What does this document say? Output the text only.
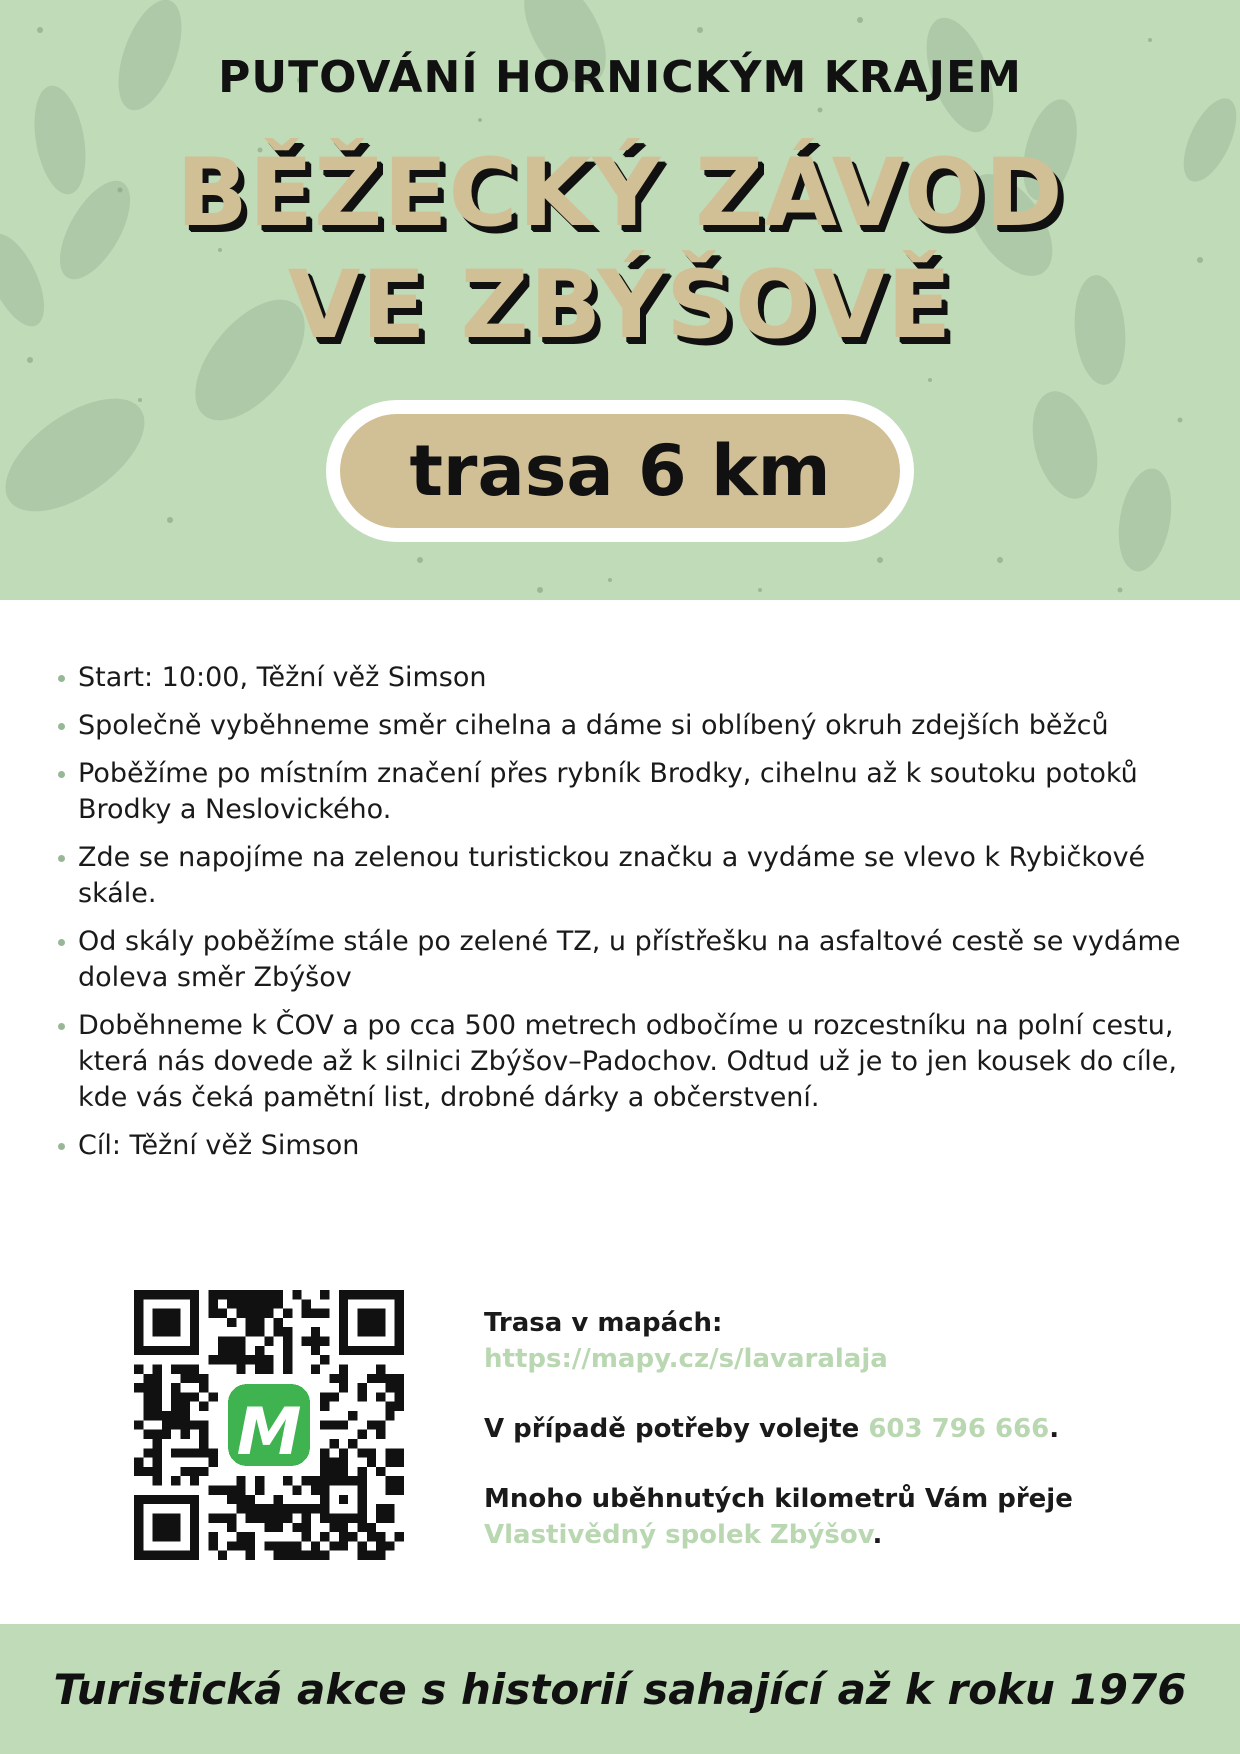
PUTOVÁNÍ HORNICKÝM KRAJEM
BĚŽECKÝ ZÁVOD
VE ZBÝŠOVĚ
trasa 6 km
Start: 10:00, Těžní věž Simson
Společně vyběhneme směr cihelna a dáme si oblíbený okruh zdejších běžců
Poběžíme po místním značení přes rybník Brodky, cihelnu až k soutoku potoků Brodky a Neslovického.
Zde se napojíme na zelenou turistickou značku a vydáme se vlevo k Rybičkové skále.
Od skály poběžíme stále po zelené TZ, u přístřešku na asfaltové cestě se vydáme doleva směr Zbýšov
Doběhneme k ČOV a po cca 500 metrech odbočíme u rozcestníku na polní cestu, která nás dovede až k silnici Zbýšov–Padochov. Odtud už je to jen kousek do cíle, kde vás čeká pamětní list, drobné dárky a občerstvení.
Cíl: Těžní věž Simson
M

Trasa v mapách:
https://mapy.cz/s/lavaralaja

V případě potřeby volejte 603 796 666.

Mnoho uběhnutých kilometrů Vám přeje
Vlastivědný spolek Zbýšov.

Turistická akce s historií sahající až k roku 1976
